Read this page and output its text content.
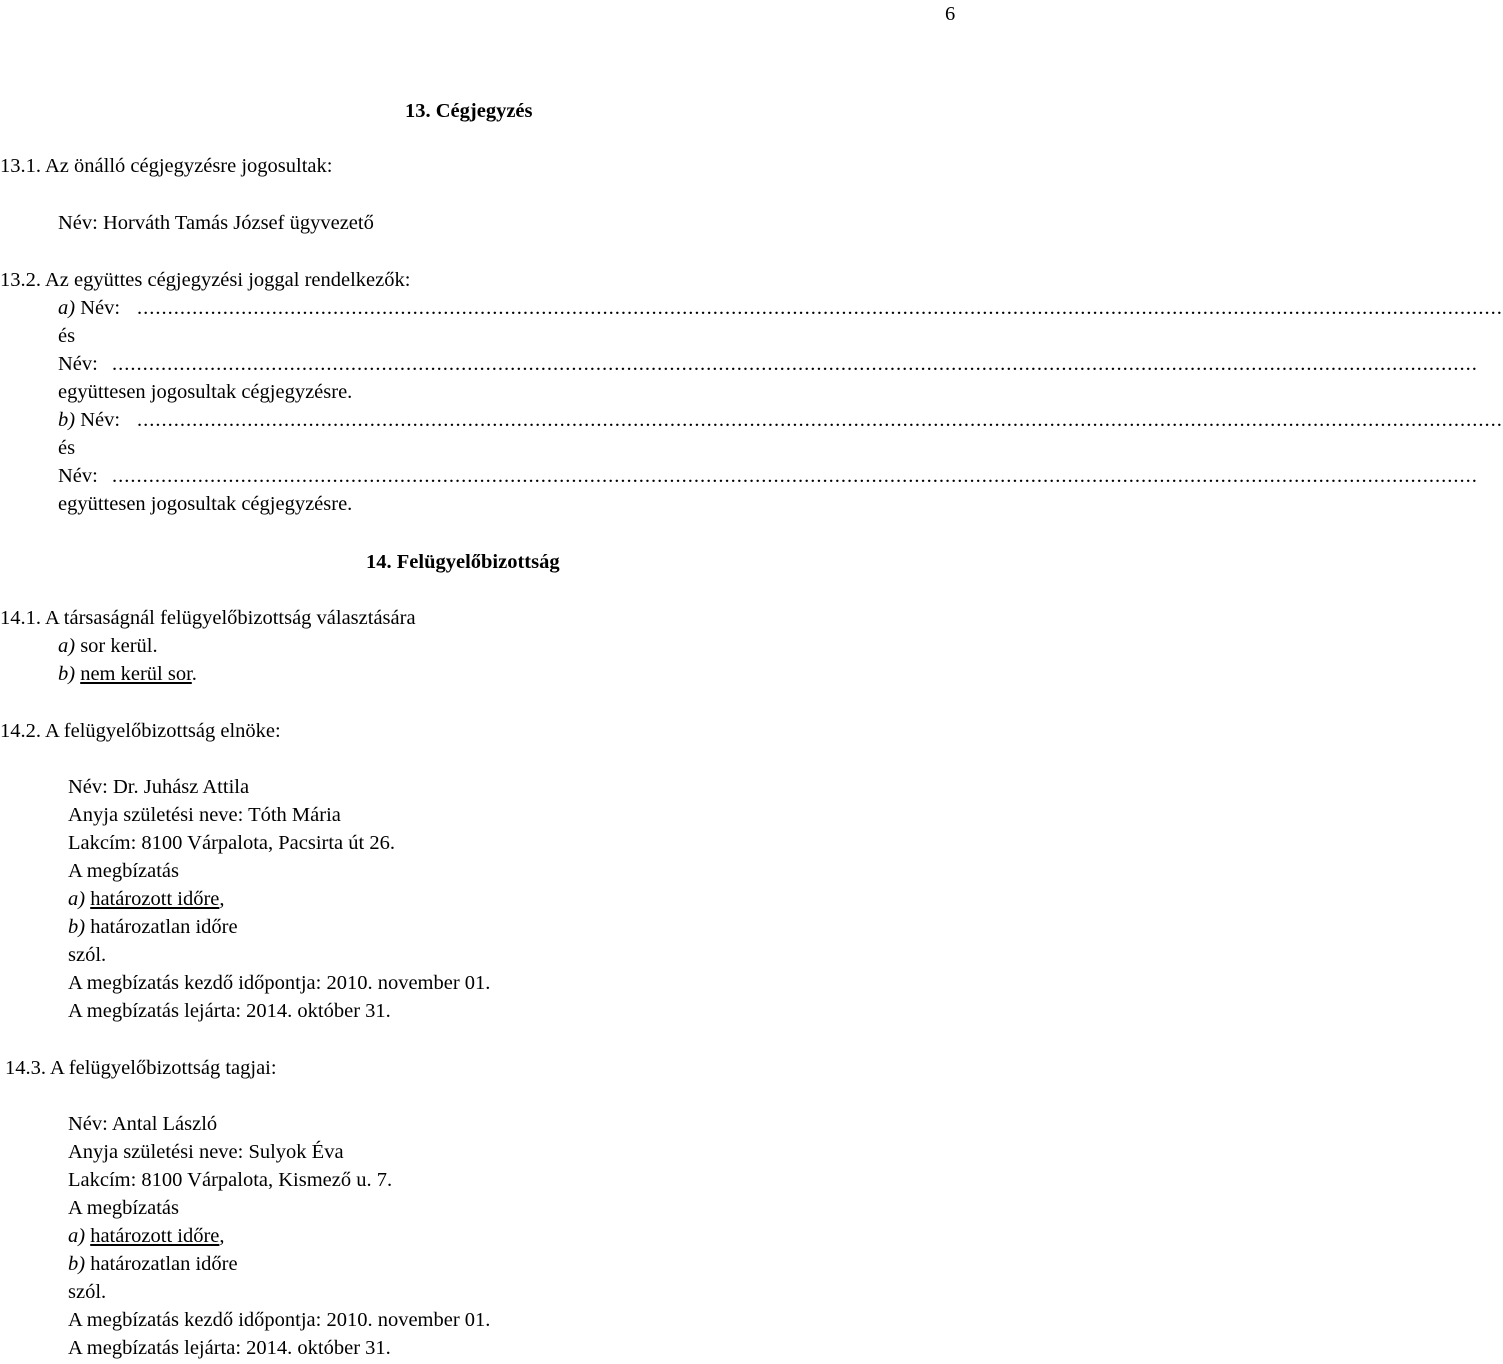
6
13. Cégjegyzés
13.1. Az önálló cégjegyzésre jogosultak:
Név: Horváth Tamás József ügyvezető
13.2. Az együttes cégjegyzési joggal rendelkezők:
a) Név: ...............................................................................................................................................................................................................................
és
Név: ...............................................................................................................................................................................................................................
együttesen jogosultak cégjegyzésre.
b) Név: ...............................................................................................................................................................................................................................
és
Név: ...............................................................................................................................................................................................................................
együttesen jogosultak cégjegyzésre.
14. Felügyelőbizottság
14.1. A társaságnál felügyelőbizottság választására
a) sor kerül.
b) nem kerül sor.
14.2. A felügyelőbizottság elnöke:
Név: Dr. Juhász Attila
Anyja születési neve: Tóth Mária
Lakcím: 8100 Várpalota, Pacsirta út 26.
A megbízatás
a) határozott időre,
b) határozatlan időre
szól.
A megbízatás kezdő időpontja: 2010. november 01.
A megbízatás lejárta: 2014. október 31.
14.3. A felügyelőbizottság tagjai:
Név: Antal László
Anyja születési neve: Sulyok Éva
Lakcím: 8100 Várpalota, Kismező u. 7.
A megbízatás
a) határozott időre,
b) határozatlan időre
szól.
A megbízatás kezdő időpontja: 2010. november 01.
A megbízatás lejárta: 2014. október 31.
